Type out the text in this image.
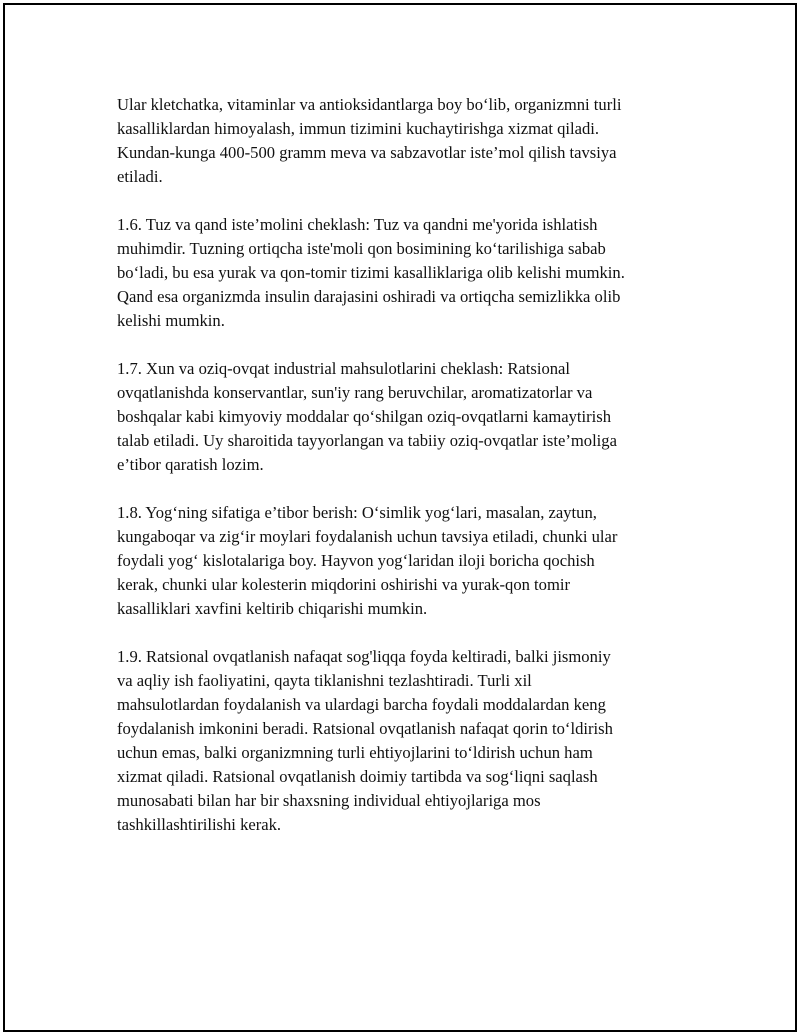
Ular kletchatka, vitaminlar va antioksidantlarga boy bo‘lib, organizmni turli
kasalliklardan himoyalash, immun tizimini kuchaytirishga xizmat qiladi.
Kundan-kunga 400-500 gramm meva va sabzavotlar iste’mol qilish tavsiya
etiladi.

1.6. Tuz va qand iste’molini cheklash: Tuz va qandni me'yorida ishlatish
muhimdir. Tuzning ortiqcha iste'moli qon bosimining ko‘tarilishiga sabab
bo‘ladi, bu esa yurak va qon-tomir tizimi kasalliklariga olib kelishi mumkin.
Qand esa organizmda insulin darajasini oshiradi va ortiqcha semizlikka olib
kelishi mumkin.

1.7. Xun va oziq-ovqat industrial mahsulotlarini cheklash: Ratsional
ovqatlanishda konservantlar, sun'iy rang beruvchilar, aromatizatorlar va
boshqalar kabi kimyoviy moddalar qo‘shilgan oziq-ovqatlarni kamaytirish
talab etiladi. Uy sharoitida tayyorlangan va tabiiy oziq-ovqatlar iste’moliga
e’tibor qaratish lozim.

1.8. Yog‘ning sifatiga e’tibor berish: O‘simlik yog‘lari, masalan, zaytun,
kungaboqar va zig‘ir moylari foydalanish uchun tavsiya etiladi, chunki ular
foydali yog‘ kislotalariga boy. Hayvon yog‘laridan iloji boricha qochish
kerak, chunki ular kolesterin miqdorini oshirishi va yurak-qon tomir
kasalliklari xavfini keltirib chiqarishi mumkin.

1.9. Ratsional ovqatlanish nafaqat sog'liqqa foyda keltiradi, balki jismoniy
va aqliy ish faoliyatini, qayta tiklanishni tezlashtiradi. Turli xil
mahsulotlardan foydalanish va ulardagi barcha foydali moddalardan keng
foydalanish imkonini beradi. Ratsional ovqatlanish nafaqat qorin to‘ldirish
uchun emas, balki organizmning turli ehtiyojlarini to‘ldirish uchun ham
xizmat qiladi. Ratsional ovqatlanish doimiy tartibda va sog‘liqni saqlash
munosabati bilan har bir shaxsning individual ehtiyojlariga mos
tashkillashtirilishi kerak.
